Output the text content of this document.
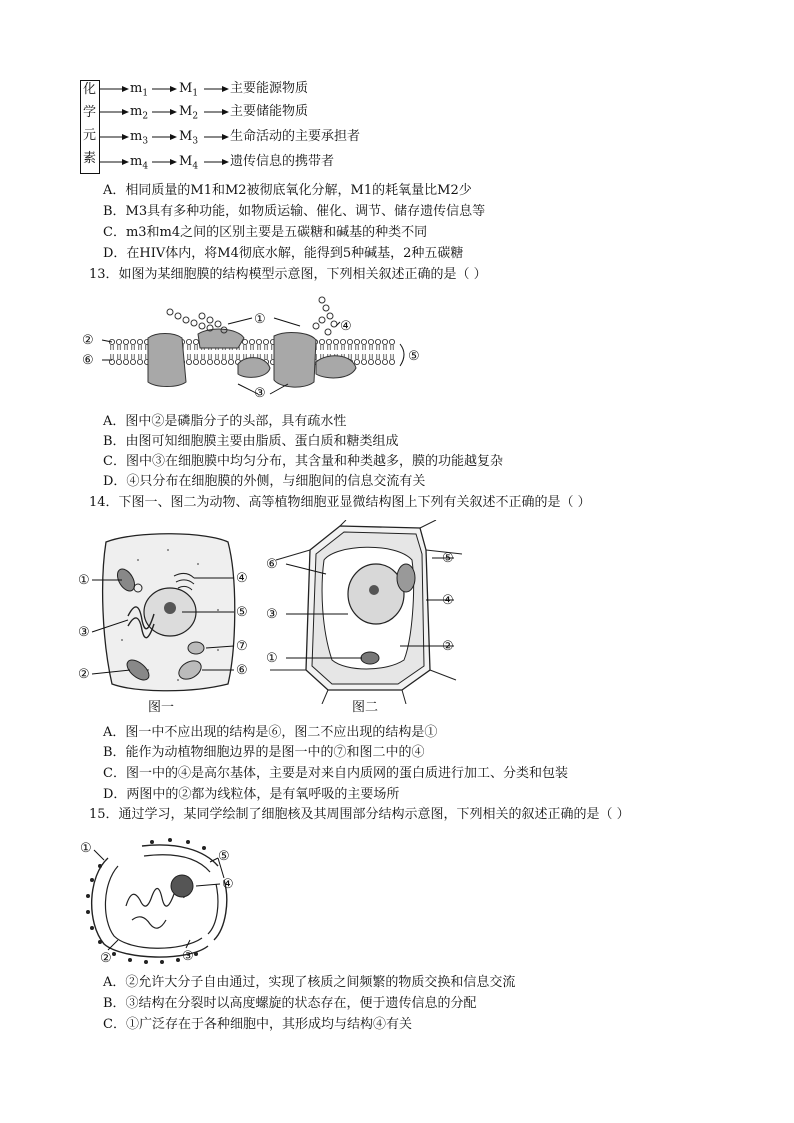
化
学
元
素
$m_1$ $M_1$ 主要能源物质
$m_2$ $M_2$ 主要储能物质
$m_3$ $M_3$ 生命活动的主要承担者
$m_4$ $M_4$ 遗传信息的携带者
A．相同质量的M1和M2被彻底氧化分解，M1的耗氧量比M2少
B．M3具有多种功能，如物质运输、催化、调节、储存遗传信息等
C．m3和m4之间的区别主要是五碳糖和碱基的种类不同
D．在HIV体内，将M4彻底水解，能得到5种碱基，2种五碳糖
13．如图为某细胞膜的结构模型示意图，下列相关叙述正确的是（ ）
①
②
③
④
⑤
⑥
A．图中②是磷脂分子的头部，具有疏水性
B．由图可知细胞膜主要由脂质、蛋白质和糖类组成
C．图中③在细胞膜中均匀分布，其含量和种类越多，膜的功能越复杂
D．④只分布在细胞膜的外侧，与细胞间的信息交流有关
14．下图一、图二为动物、高等植物细胞亚显微结构图上下列有关叙述不正确的是（ ）
①
③
②
④
⑤
⑦
⑥
图一
⑥
③
①
⑤
④
②
图二
A．图一中不应出现的结构是⑥，图二不应出现的结构是①
B．能作为动植物细胞边界的是图一中的⑦和图二中的④
C．图一中的④是高尔基体，主要是对来自内质网的蛋白质进行加工、分类和包装
D．两图中的②都为线粒体，是有氧呼吸的主要场所
15．通过学习，某同学绘制了细胞核及其周围部分结构示意图，下列相关的叙述正确的是（ ）
①
②	③
④
⑤
A．②允许大分子自由通过，实现了核质之间频繁的物质交换和信息交流
B．③结构在分裂时以高度螺旋的状态存在，便于遗传信息的分配
C．①广泛存在于各种细胞中，其形成均与结构④有关
